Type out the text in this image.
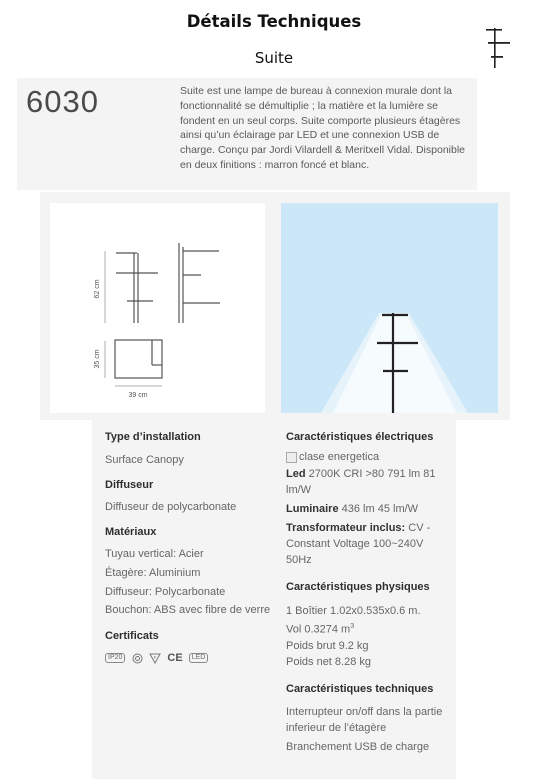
Détails Techniques
Suite
6030	Suite est une lampe de bureau à connexion murale dont la fonctionnalité se démultiplie ; la matière et la lumière se fondent en un seul corps. Suite comporte plusieurs étagères ainsi qu’un éclairage par LED et une connexion USB de charge. Conçu par Jordi Vilardell & Meritxell Vidal. Disponible en deux finitions : marron foncé et blanc.
62 cm
35 cm
39 cm
Type d’installation
Surface Canopy
Diffuseur
Diffuseur de polycarbonate
Matériaux
Tuyau vertical: Acier
Étagère: Aluminium
Diffuseur: Polycarbonate
Bouchon: ABS avec fibre de verre
Certificats
IP20	F CE	LED
Caractéristiques électriques
clase energetica
Led 2700K CRI >80 791 lm 81 lm/W
Luminaire 436 lm 45 lm/W
Transformateur inclus: CV - Constant Voltage 100~240V 50Hz
Caractéristiques physiques
1 Boîtier 1.02x0.535x0.6 m.
Vol 0.3274 $m^3$
Poids brut 9.2 kg
Poids net 8.28 kg
Caractéristiques techniques
Interrupteur on/off dans la partie inferieur de l’étagère
Branchement USB de charge
